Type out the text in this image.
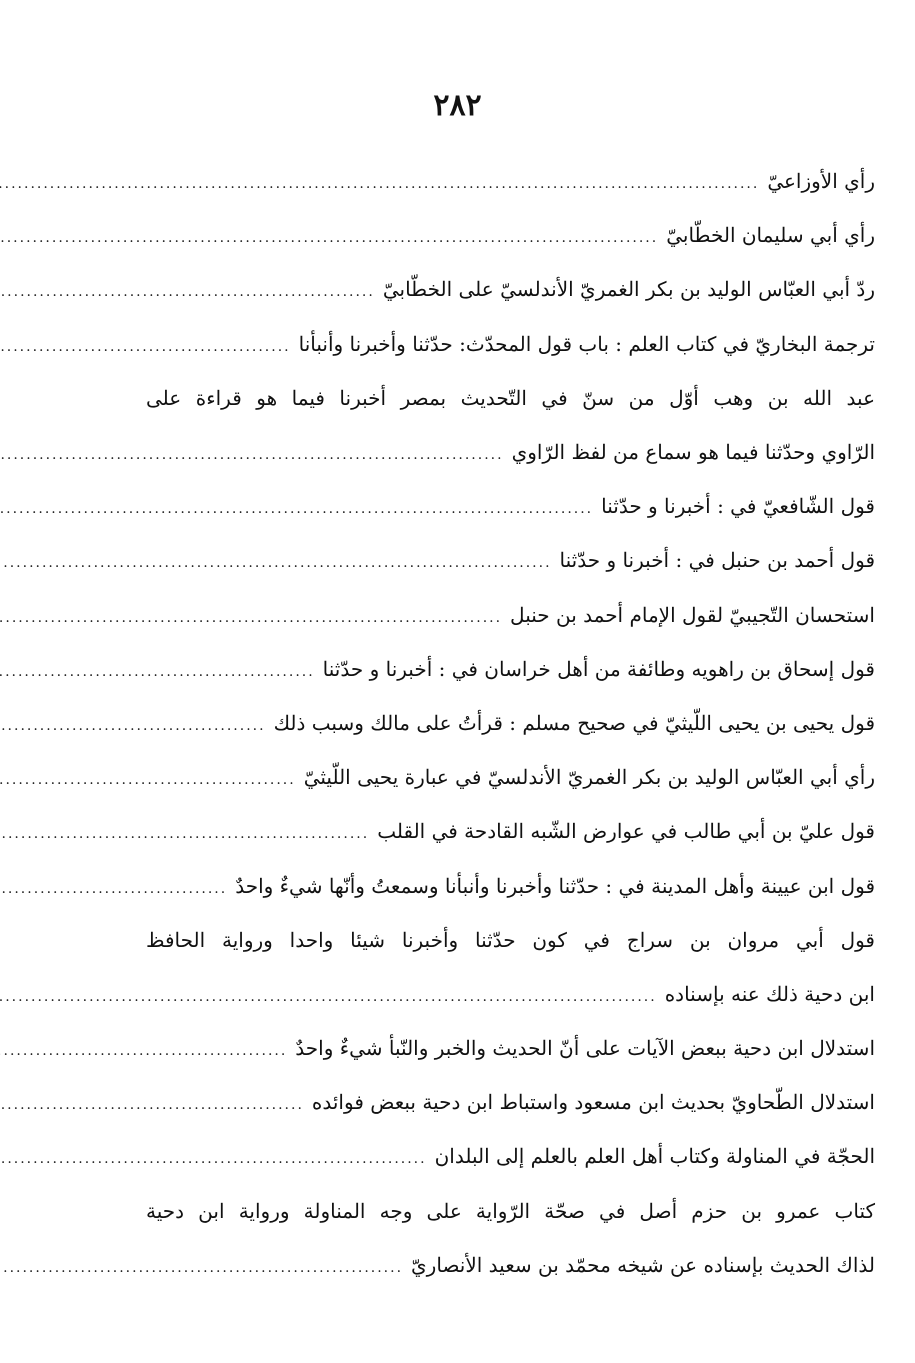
٢٨٢
رأي الأوزاعيّ
.....
رأي أبي سليمان الخطّابيّ
.....
ردّ أبي العبّاس الوليد بن بكر الغمريّ الأندلسيّ على الخطّابيّ
.....
ترجمة البخاريّ في كتاب العلم : باب قول المحدّث: حدّثنا وأخبرنا وأنبأنا
.....
عبد الله بن وهب أوّل من سنّ في التّحديث بمصر أخبرنا فيما هو قراءة على
الرّاوي وحدّثنا فيما هو سماع من لفظ الرّاوي
.....
قول الشّافعيّ في : أخبرنا و حدّثنا
.....
قول أحمد بن حنبل في : أخبرنا و حدّثنا
.....
استحسان التّجيبيّ لقول الإمام أحمد بن حنبل
.....
قول إسحاق بن راهويه وطائفة من أهل خراسان في : أخبرنا و حدّثنا
.....
قول يحيى بن يحيى اللّيثيّ في صحيح مسلم : قرأتُ على مالك وسبب ذلك
.....
رأي أبي العبّاس الوليد بن بكر الغمريّ الأندلسيّ في عبارة يحيى اللّيثيّ
.....
قول عليّ بن أبي طالب في عوارض الشّبه القادحة في القلب
.....
قول ابن عيينة وأهل المدينة في : حدّثنا وأخبرنا وأنبأنا وسمعتُ وأنّها شيءٌ واحدٌ
.....
قول أبي مروان بن سراج في كون حدّثنا وأخبرنا شيئا واحدا ورواية الحافظ
ابن دحية ذلك عنه بإسناده
.....
استدلال ابن دحية ببعض الآيات على أنّ الحديث والخبر والنّبأ شيءٌ واحدٌ
.....
استدلال الطّحاويّ بحديث ابن مسعود واستباط ابن دحية ببعض فوائده
.....
الحجّة في المناولة وكتاب أهل العلم بالعلم إلى البلدان
.....
كتاب عمرو بن حزم أصل في صحّة الرّواية على وجه المناولة ورواية ابن دحية
لذاك الحديث بإسناده عن شيخه محمّد بن سعيد الأنصاريّ
.....
